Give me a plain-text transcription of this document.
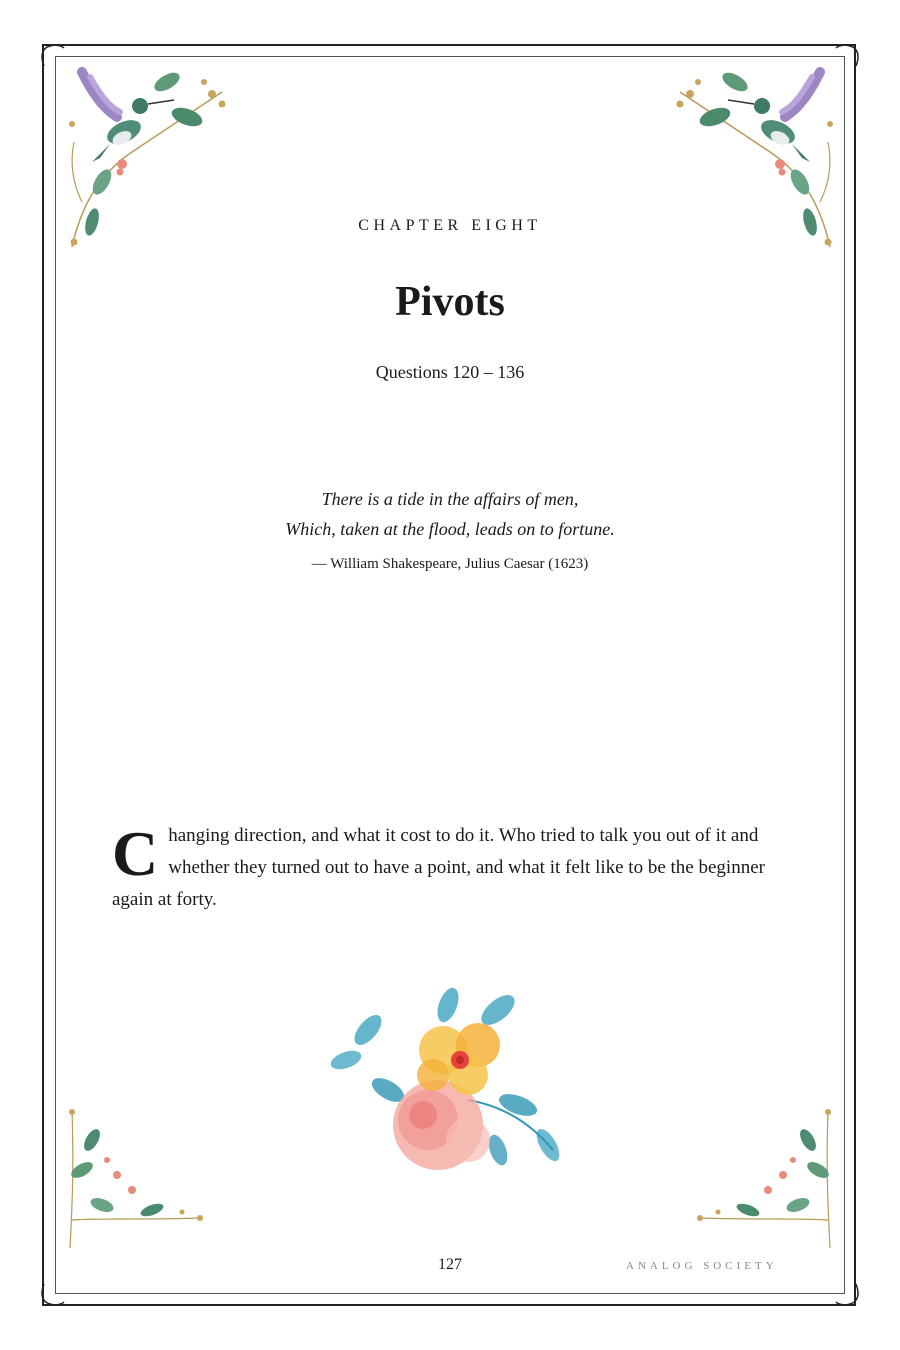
CHAPTER EIGHT
Pivots
Questions 120 – 136
There is a tide in the affairs of men,
Which, taken at the flood, leads on to fortune.
— William Shakespeare, Julius Caesar (1623)
Changing direction, and what it cost to do it. Who tried to talk you out of it and whether they turned out to have a point, and what it felt like to be the beginner again at forty.
127	ANALOG SOCIETY
